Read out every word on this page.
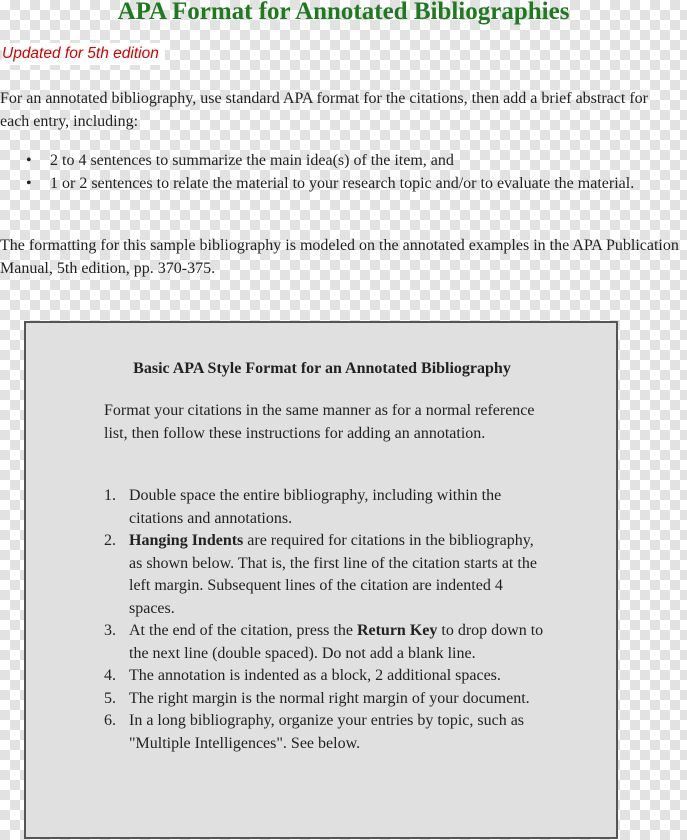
APA Format for Annotated Bibliographies

Updated for 5th edition

For an annotated bibliography, use standard APA format for the citations, then add a brief abstract for each entry, including:

• 2 to 4 sentences to summarize the main idea(s) of the item, and
• 1 or 2 sentences to relate the material to your research topic and/or to evaluate the material.

The formatting for this sample bibliography is modeled on the annotated examples in the APA Publication Manual, 5th edition, pp. 370-375.

Basic APA Style Format for an Annotated Bibliography

Format your citations in the same manner as for a normal reference list, then follow these instructions for adding an annotation.

1. Double space the entire bibliography, including within the citations and annotations.
2. Hanging Indents are required for citations in the bibliography, as shown below. That is, the first line of the citation starts at the left margin. Subsequent lines of the citation are indented 4 spaces.
3. At the end of the citation, press the Return Key to drop down to the next line (double spaced). Do not add a blank line.
4. The annotation is indented as a block, 2 additional spaces.
5. The right margin is the normal right margin of your document.
6. In a long bibliography, organize your entries by topic, such as "Multiple Intelligences". See below.
